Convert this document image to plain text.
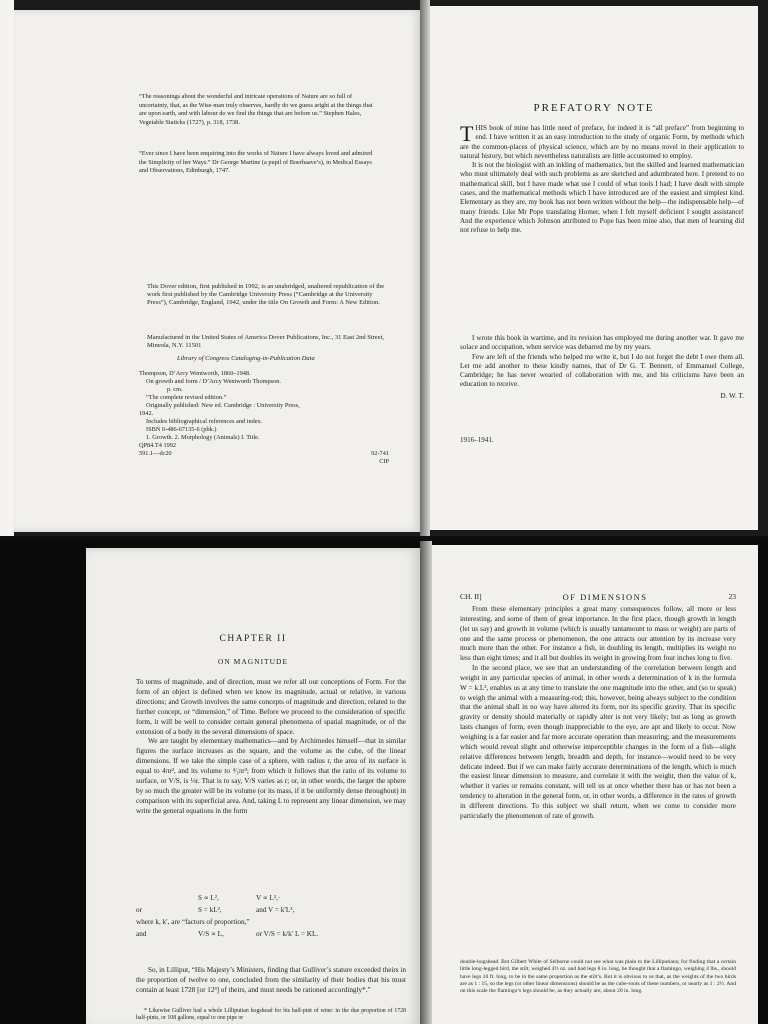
“The reasonings about the wonderful and intricate operations of Nature are so full of uncertainty, that, as the Wise-man truly observes, hardly do we guess aright at the things that are upon earth, and with labour do we find the things that are before us.” Stephen Hales, Vegetable Staticks (1727), p. 318, 1738.

“Ever since I have been enquiring into the works of Nature I have always loved and admired the Simplicity of her Ways.” Dr George Martine (a pupil of Boerhaave’s), in Medical Essays and Observations, Edinburgh, 1747.

This Dover edition, first published in 1992, is an unabridged, unaltered republication of the work first published by the Cambridge University Press (“Cambridge at the University Press”), Cambridge, England, 1942, under the title On Growth and Form: A New Edition.

Manufactured in the United States of America Dover Publications, Inc., 31 East 2nd Street, Mineola, N.Y. 11501

Library of Congress Cataloging-in-Publication Data
Thompson, D’Arcy Wentworth, 1860–1948.
On growth and form / D’Arcy Wentworth Thompson.
p. cm.
“The complete revised edition.”
Originally published: New ed. Cambridge : University Press,
1942.
Includes bibliographical references and index.
ISBN 0-486-67135-6 (pbk.)
1. Growth. 2. Morphology (Animals) I. Title.
QP84.T4 1992
591.1—dc20	92-741
CIP
PREFATORY NOTE

THIS book of mine has little need of preface, for indeed it is “all preface” from beginning to end. I have written it as an easy introduction to the study of organic Form, by methods which are the common-places of physical science, which are by no means novel in their application to natural history, but which nevertheless naturalists are little accustomed to employ.

It is not the biologist with an inkling of mathematics, but the skilled and learned mathematician who must ultimately deal with such problems as are sketched and adumbrated here. I pretend to no mathematical skill, but I have made what use I could of what tools I had; I have dealt with simple cases, and the mathematical methods which I have introduced are of the easiest and simplest kind. Elementary as they are, my book has not been written without the help—the indispensable help—of many friends. Like Mr Pope translating Homer, when I felt myself deficient I sought assistance! And the experience which Johnson attributed to Pope has been mine also, that men of learning did not refuse to help me.

I wrote this book in wartime, and its revision has employed me during another war. It gave me solace and occupation, when service was debarred me by my years.

Few are left of the friends who helped me write it, but I do not forget the debt I owe them all. Let me add another to these kindly names, that of Dr G. T. Bennett, of Emmanuel College, Cambridge; he has never wearied of collaboration with me, and his criticisms have been an education to receive.

D. W. T.
1916–1941.
CHAPTER II
ON MAGNITUDE

To terms of magnitude, and of direction, must we refer all our conceptions of Form. For the form of an object is defined when we know its magnitude, actual or relative, in various directions; and Growth involves the same concepts of magnitude and direction, related to the further concept, or “dimension,” of Time. Before we proceed to the consideration of specific form, it will be well to consider certain general phenomena of spatial magnitude, or of the extension of a body in the several dimensions of space.

We are taught by elementary mathematics—and by Archimedes himself—that in similar figures the surface increases as the square, and the volume as the cube, of the linear dimensions. If we take the simple case of a sphere, with radius r, the area of its surface is equal to 4πr², and its volume to ⁴⁄₃πr³; from which it follows that the ratio of its volume to surface, or V/S, is ⅓r. That is to say, V/S varies as r; or, in other words, the larger the sphere by so much the greater will be its volume (or its mass, if it be uniformly dense throughout) in comparison with its superficial area. And, taking L to represent any linear dimension, we may write the general equations in the form

S ∝ L²,	V ∝ L³,·
or	S = kL²,	and V = k′L³,
where k, k′, are “factors of proportion,”
and	V/S ∝ L,	or V/S = k/k′ L = KL.

So, in Lilliput, “His Majesty’s Ministers, finding that Gulliver’s stature exceeded theirs in the proportion of twelve to one, concluded from the similarity of their bodies that his must contain at least 1728 [or 12³] of theirs, and must needs be rationed accordingly*.”

* Likewise Gulliver had a whole Lilliputian hogshead for his half-pint of wine: in the due proportion of 1728 half-pints, or 108 gallons, equal to one pipe or

CH. II]	OF DIMENSIONS	23

From these elementary principles a great many consequences follow, all more or less interesting, and some of them of great importance. In the first place, though growth in length (let us say) and growth in volume (which is usually tantamount to mass or weight) are parts of one and the same process or phenomenon, the one attracts our attention by its increase very much more than the other. For instance a fish, in doubling its length, multiplies its weight no less than eight times; and it all but doubles its weight in growing from four inches long to five.

In the second place, we see that an understanding of the correlation between length and weight in any particular species of animal, in other words a determination of k in the formula W = k.L³, enables us at any time to translate the one magnitude into the other, and (so to speak) to weigh the animal with a measuring-rod; this, however, being always subject to the condition that the animal shall in no way have altered its form, nor its specific gravity. That its specific gravity or density should materially or rapidly alter is not very likely; but as long as growth lasts changes of form, even though inappreciable to the eye, are apt and likely to occur. Now weighing is a far easier and far more accurate operation than measuring; and the measurements which would reveal slight and otherwise imperceptible changes in the form of a fish—slight relative differences between length, breadth and depth, for instance—would need to be very delicate indeed. But if we can make fairly accurate determinations of the length, which is much the easiest linear dimension to measure, and correlate it with the weight, then the value of k, whether it varies or remains constant, will tell us at once whether there has or has not been a tendency to alteration in the general form, or, in other words, a difference in the rates of growth in different directions. To this subject we shall return, when we come to consider more particularly the phenomenon of rate of growth.

double-hogshead. But Gilbert White of Selborne could not see what was plain to the Lilliputians; for finding that a certain little long-legged bird, the stilt, weighed 4½ oz. and had legs 8 in. long, he thought that a flamingo, weighing 4 lbs., should have legs 10 ft. long, to be in the same proportion as the stilt’s. But it is obvious to us that, as the weights of the two birds are as 1 : 15, so the legs (or other linear dimensions) should be as the cube-roots of these numbers, or nearly as 1 : 2½. And on this scale the flamingo’s legs should be, as they actually are, about 20 in. long.
